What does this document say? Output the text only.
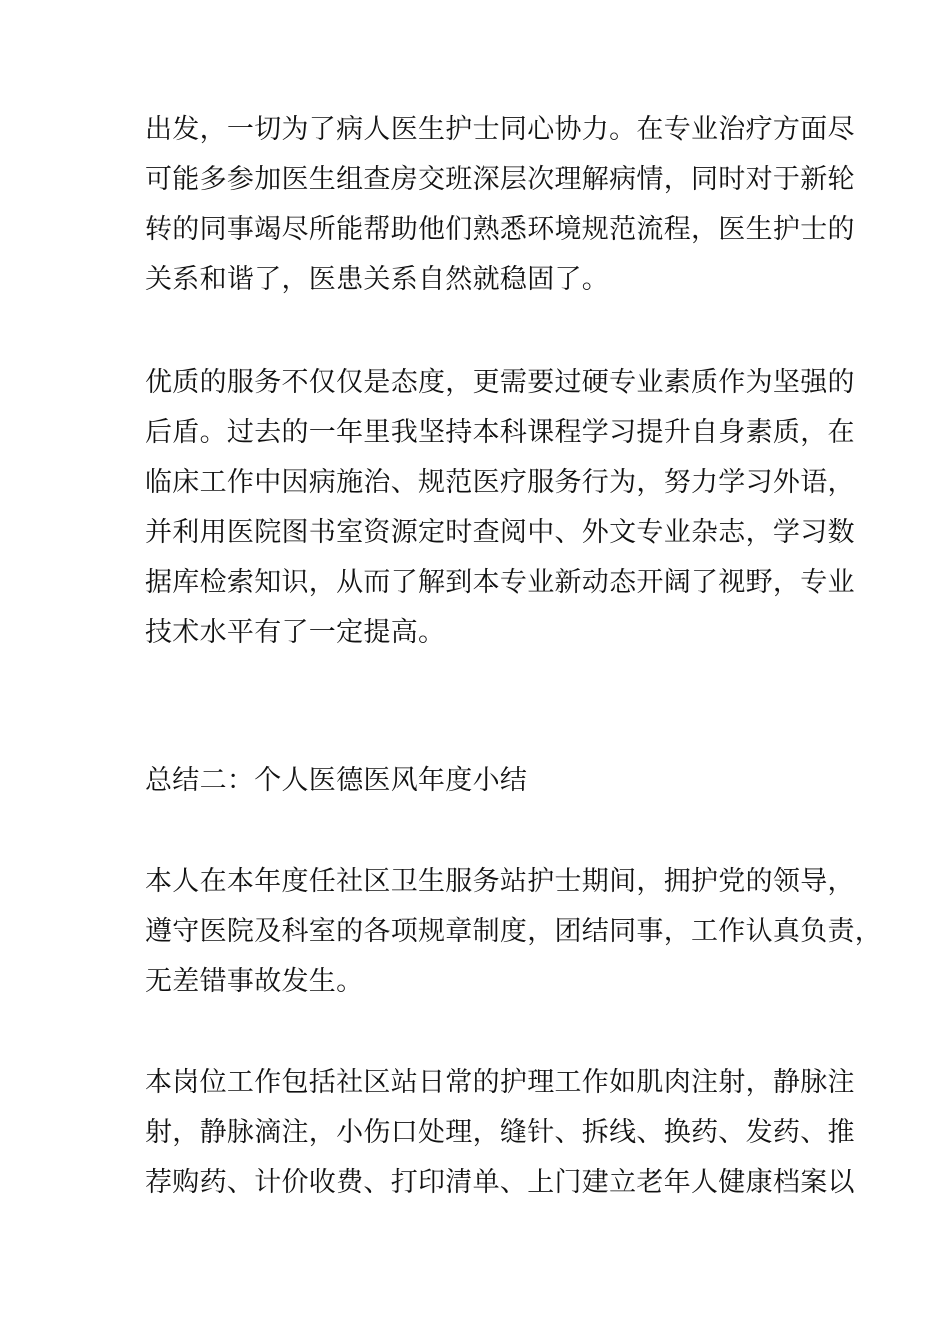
出发，一切为了病人医生护士同心协力。在专业治疗方面尽
可能多参加医生组查房交班深层次理解病情，同时对于新轮
转的同事竭尽所能帮助他们熟悉环境规范流程，医生护士的
关系和谐了，医患关系自然就稳固了。
优质的服务不仅仅是态度，更需要过硬专业素质作为坚强的
后盾。过去的一年里我坚持本科课程学习提升自身素质，在
临床工作中因病施治、规范医疗服务行为，努力学习外语，
并利用医院图书室资源定时查阅中、外文专业杂志，学习数
据库检索知识，从而了解到本专业新动态开阔了视野，专业
技术水平有了一定提高。
总结二：个人医德医风年度小结
本人在本年度任社区卫生服务站护士期间，拥护党的领导，
遵守医院及科室的各项规章制度，团结同事，工作认真负责，
无差错事故发生。
本岗位工作包括社区站日常的护理工作如肌肉注射，静脉注
射，静脉滴注，小伤口处理，缝针、拆线、换药、发药、推
荐购药、计价收费、打印清单、上门建立老年人健康档案以
